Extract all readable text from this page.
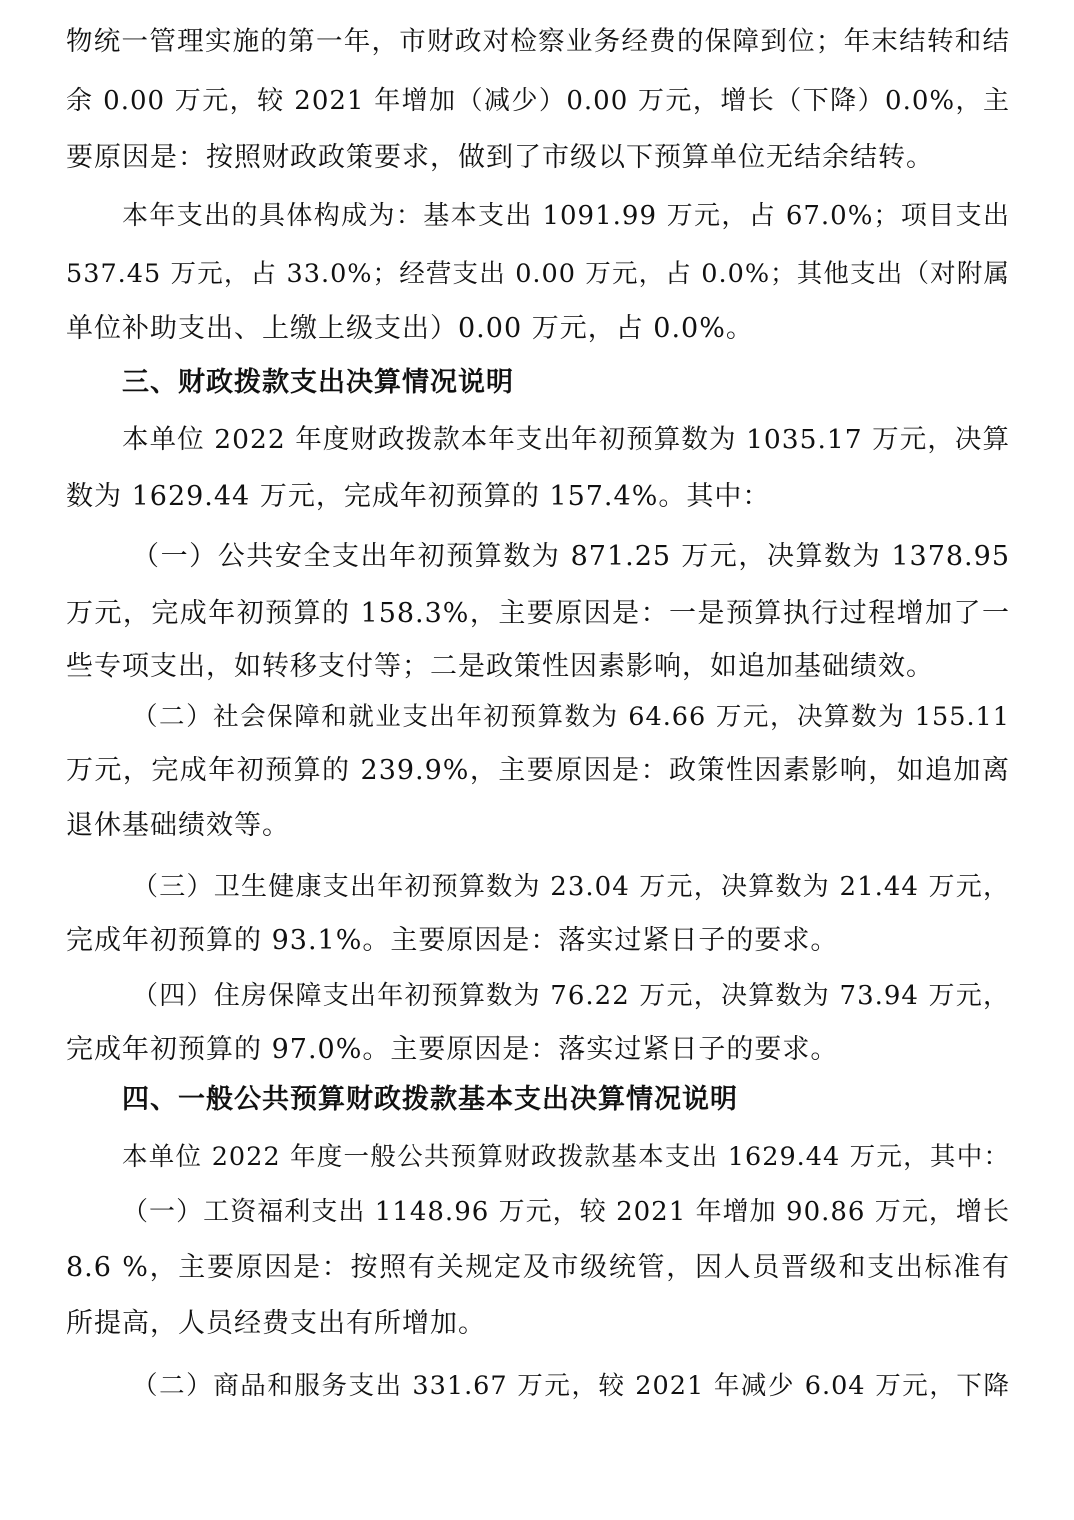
物统一管理实施的第一年，市财政对检察业务经费的保障到位；年末结转和结
余 0.00 万元，较 2021 年增加（减少）0.00 万元，增长（下降）0.0%，主
要原因是：按照财政政策要求，做到了市级以下预算单位无结余结转。
本年支出的具体构成为：基本支出 1091.99 万元，占 67.0%；项目支出
537.45 万元，占 33.0%；经营支出 0.00 万元，占 0.0%；其他支出（对附属
单位补助支出、上缴上级支出）0.00 万元，占 0.0%。
三、财政拨款支出决算情况说明
本单位 2022 年度财政拨款本年支出年初预算数为 1035.17 万元，决算
数为 1629.44 万元，完成年初预算的 157.4%。其中：
（一）公共安全支出年初预算数为 871.25 万元，决算数为 1378.95
万元，完成年初预算的 158.3%，主要原因是：一是预算执行过程增加了一
些专项支出，如转移支付等；二是政策性因素影响，如追加基础绩效。
（二）社会保障和就业支出年初预算数为 64.66 万元，决算数为 155.11
万元，完成年初预算的 239.9%，主要原因是：政策性因素影响，如追加离
退休基础绩效等。
（三）卫生健康支出年初预算数为 23.04 万元，决算数为 21.44 万元，
完成年初预算的 93.1%。主要原因是：落实过紧日子的要求。
（四）住房保障支出年初预算数为 76.22 万元，决算数为 73.94 万元，
完成年初预算的 97.0%。主要原因是：落实过紧日子的要求。
四、一般公共预算财政拨款基本支出决算情况说明
本单位 2022 年度一般公共预算财政拨款基本支出 1629.44 万元，其中：
（一）工资福利支出 1148.96 万元，较 2021 年增加 90.86 万元，增长
8.6 %，主要原因是：按照有关规定及市级统管，因人员晋级和支出标准有
所提高，人员经费支出有所增加。
（二）商品和服务支出 331.67 万元，较 2021 年减少 6.04 万元，下降
